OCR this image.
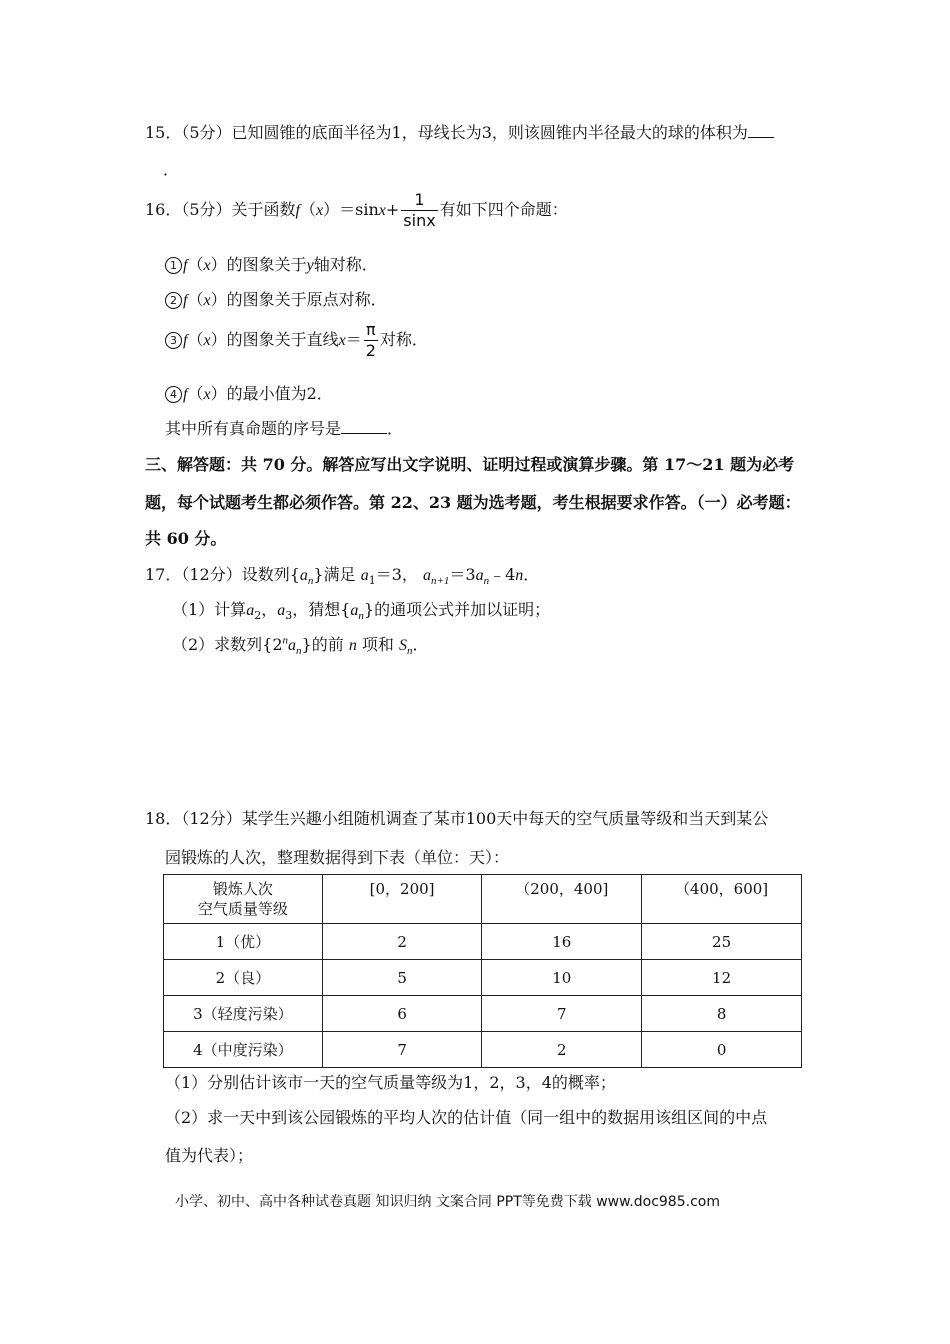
15．（5分）已知圆锥的底面半径为1，母线长为3，则该圆锥内半径最大的球的体积为
．
16．（5分）关于函数$f(x)=\sin x+ \frac{1}{\sin x}$ 有如下四个命题：
1 f（x）的图象关于y轴对称．
2 f（x）的图象关于原点对称．
3 f（x）的图象关于直线$x= \frac{\pi}{2}$ 对称．
4 f（x）的最小值为2．
其中所有真命题的序号是	．
三、解答题：共 70 分。解答应写出文字说明、证明过程或演算步骤。第 17～21 题为必考
题，每个试题考生都必须作答。第 22、23 题为选考题，考生根据要求作答。（一）必考题：
共 60 分。
17．（12分）设数列$\{a_n\}$满足 $a_1=3$， $a_{n+1}=3a_n﹣4n$．
（1）计算$a_2$，$a_3$，猜想$\{a_n\}$的通项公式并加以证明；
（2）求数列$\{2^na_n\}$的前 n 项和 $S_n$．
18．（12分）某学生兴趣小组随机调查了某市100天中每天的空气质量等级和当天到某公
园锻炼的人次，整理数据得到下表（单位：天）：
锻炼人次
空气质量等级	[0，200]	（200，400]	（400，600]
1（优）	2	16	25
2（良）	5	10	12
3（轻度污染）	6	7	8
4（中度污染）	7	2	0
（1）分别估计该市一天的空气质量等级为1，2，3，4的概率；
（2）求一天中到该公园锻炼的平均人次的估计值（同一组中的数据用该组区间的中点
值为代表）；
小学、初中、高中各种试卷真题 知识归纳 文案合同 PPT等免费下载 www.doc985.com
